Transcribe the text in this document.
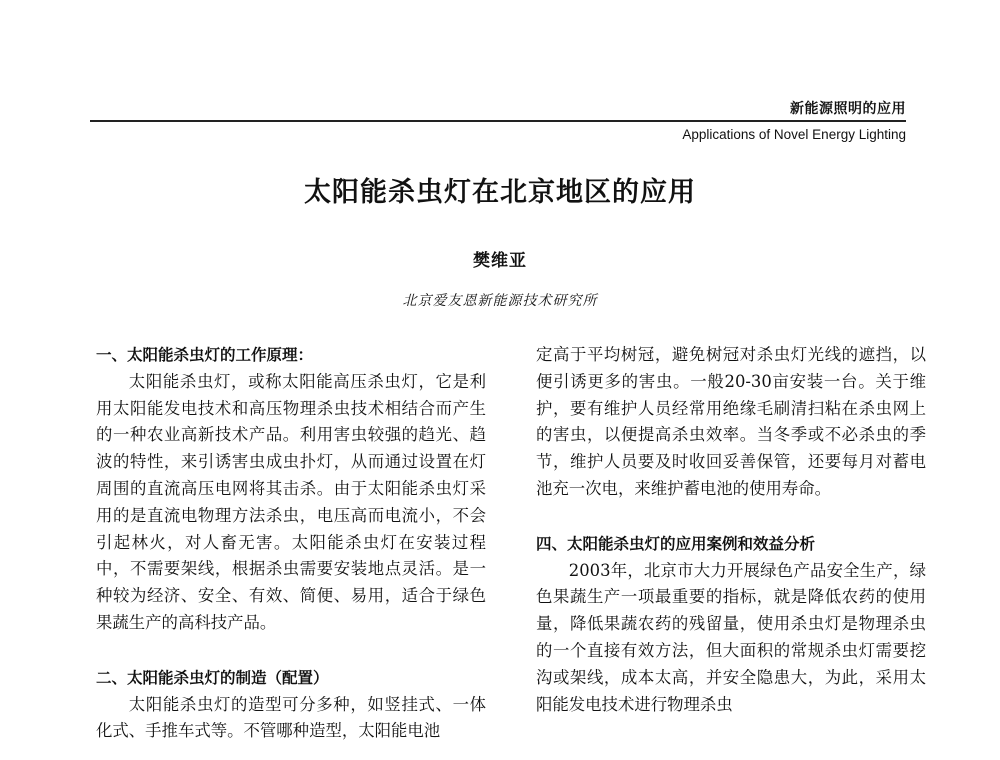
新能源照明的应用
Applications of Novel Energy Lighting
太阳能杀虫灯在北京地区的应用
樊维亚
北京爱友恩新能源技术研究所

一、太阳能杀虫灯的工作原理：

太阳能杀虫灯，或称太阳能高压杀虫灯，它是利用太阳能发电技术和高压物理杀虫技术相结合而产生的一种农业高新技术产品。利用害虫较强的趋光、趋波的特性，来引诱害虫成虫扑灯，从而通过设置在灯周围的直流高压电网将其击杀。由于太阳能杀虫灯采用的是直流电物理方法杀虫，电压高而电流小，不会引起林火，对人畜无害。太阳能杀虫灯在安装过程中，不需要架线，根据杀虫需要安装地点灵活。是一种较为经济、安全、有效、简便、易用，适合于绿色果蔬生产的高科技产品。

二、太阳能杀虫灯的制造（配置）

太阳能杀虫灯的造型可分多种，如竖挂式、一体化式、手推车式等。不管哪种造型，太阳能电池

定高于平均树冠，避免树冠对杀虫灯光线的遮挡，以便引诱更多的害虫。一般20-30亩安装一台。关于维护，要有维护人员经常用绝缘毛刷清扫粘在杀虫网上的害虫，以便提高杀虫效率。当冬季或不必杀虫的季节，维护人员要及时收回妥善保管，还要每月对蓄电池充一次电，来维护蓄电池的使用寿命。

四、太阳能杀虫灯的应用案例和效益分析

2003年，北京市大力开展绿色产品安全生产，绿色果蔬生产一项最重要的指标，就是降低农药的使用量，降低果蔬农药的残留量，使用杀虫灯是物理杀虫的一个直接有效方法，但大面积的常规杀虫灯需要挖沟或架线，成本太高，并安全隐患大，为此，采用太阳能发电技术进行物理杀虫
